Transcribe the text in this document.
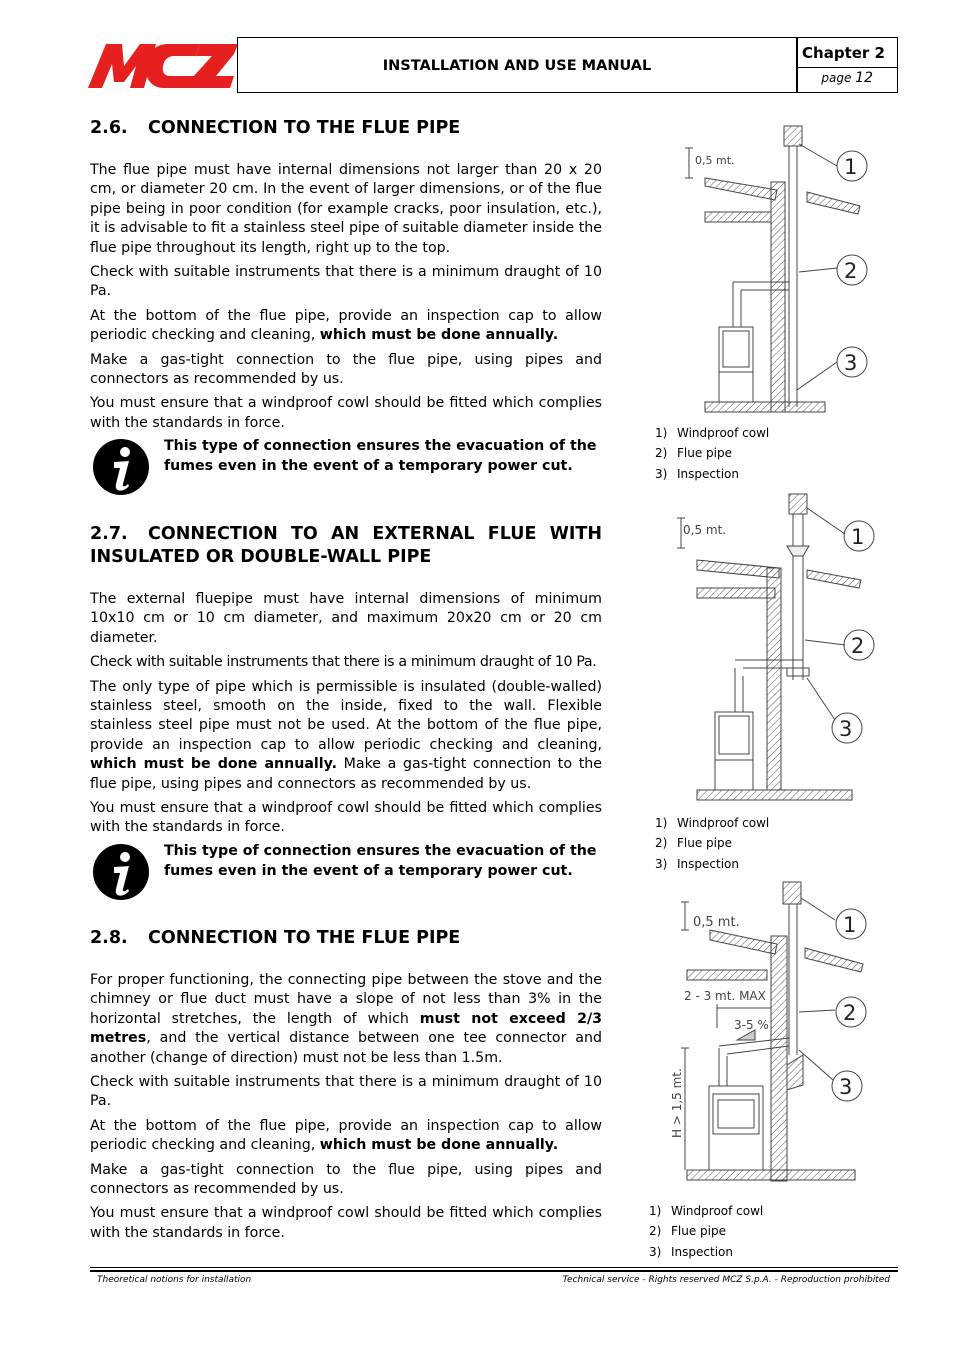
INSTALLATION AND USE MANUAL
Chapter 2
page 12
2.6. CONNECTION TO THE FLUE PIPE

The flue pipe must have internal dimensions not larger than 20 x 20 cm, or diameter 20 cm. In the event of larger dimensions, or of the flue pipe being in poor condition (for example cracks, poor insulation, etc.), it is advisable to fit a stainless steel pipe of suitable diameter inside the flue pipe throughout its length, right up to the top.

Check with suitable instruments that there is a minimum draught of 10 Pa.

At the bottom of the flue pipe, provide an inspection cap to allow periodic checking and cleaning, which must be done annually.

Make a gas-tight connection to the flue pipe, using pipes and connectors as recommended by us.

You must ensure that a windproof cowl should be fitted which complies with the standards in force.

This type of connection ensures the evacuation of the fumes even in the event of a temporary power cut.
2.7. CONNECTION TO AN EXTERNAL FLUE WITH INSULATED OR DOUBLE-WALL PIPE

The external fluepipe must have internal dimensions of minimum 10x10 cm or 10 cm diameter, and maximum 20x20 cm or 20 cm diameter.

Check with suitable instruments that there is a minimum draught of 10 Pa.

The only type of pipe which is permissible is insulated (double-walled) stainless steel, smooth on the inside, fixed to the wall. Flexible stainless steel pipe must not be used. At the bottom of the flue pipe, provide an inspection cap to allow periodic checking and cleaning, which must be done annually. Make a gas-tight connection to the flue pipe, using pipes and connectors as recommended by us.

You must ensure that a windproof cowl should be fitted which complies with the standards in force.

This type of connection ensures the evacuation of the fumes even in the event of a temporary power cut.
2.8. CONNECTION TO THE FLUE PIPE

For proper functioning, the connecting pipe between the stove and the chimney or flue duct must have a slope of not less than 3% in the horizontal stretches, the length of which must not exceed 2/3 metres, and the vertical distance between one tee connector and another (change of direction) must not be less than 1.5m.

Check with suitable instruments that there is a minimum draught of 10 Pa.

At the bottom of the flue pipe, provide an inspection cap to allow periodic checking and cleaning, which must be done annually.

Make a gas-tight connection to the flue pipe, using pipes and connectors as recommended by us.

You must ensure that a windproof cowl should be fitted which complies with the standards in force.

0,5 mt.	1
2
3
1) Windproof cowl
2) Flue pipe
3) Inspection
0,5 mt.	1
2
3
1) Windproof cowl
2) Flue pipe
3) Inspection
0,5 mt.
2 - 3 mt. MAX
3-5 %
H > 1,5 mt.
1
2
3
1) Windproof cowl
2) Flue pipe
3) Inspection
Theoretical notions for installation	Technical service - Rights reserved MCZ S.p.A. - Reproduction prohibited
